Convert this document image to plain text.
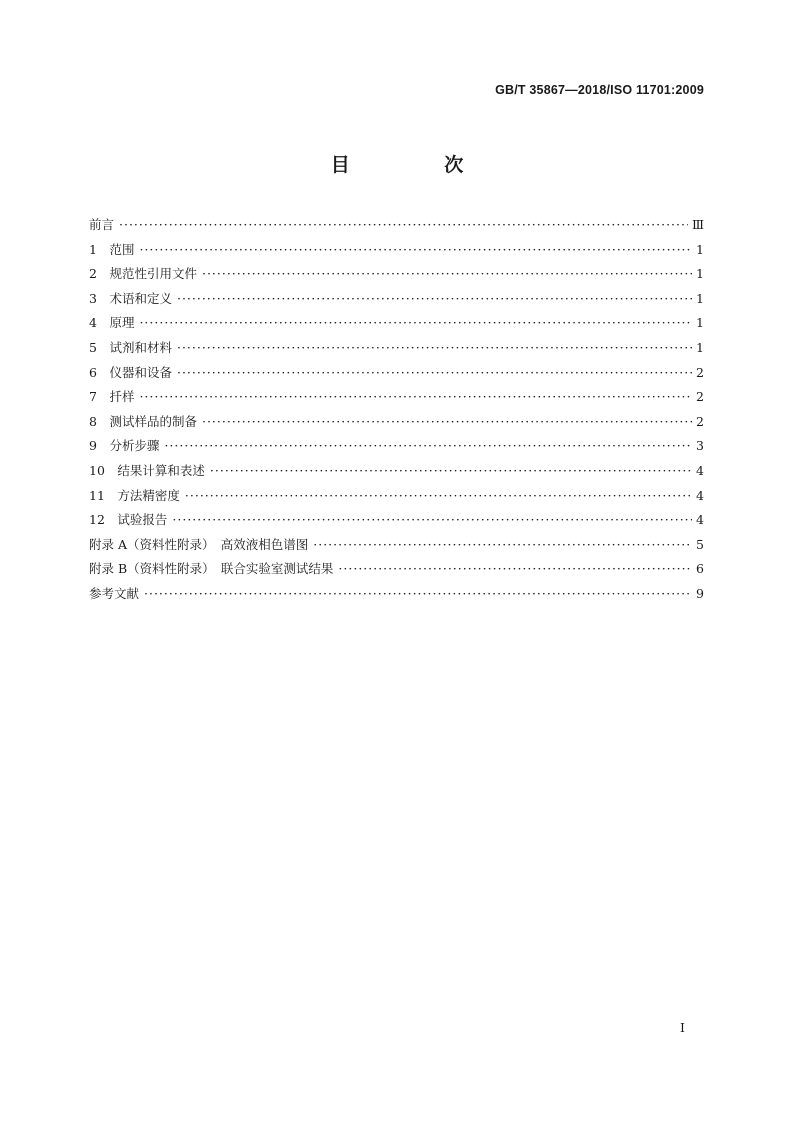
GB/T 35867—2018/ISO 11701:2009
目 次
前言 ·····	Ⅲ
1　范围 ·····	1
2　规范性引用文件 ·····	1
3　术语和定义 ·····	1
4　原理 ·····	1
5　试剂和材料 ·····	1
6　仪器和设备 ·····	2
7　扦样 ·····	2
8　测试样品的制备 ·····	2
9　分析步骤 ·····	3
10　结果计算和表述 ·····	4
11　方法精密度 ·····	4
12　试验报告 ·····	4
附录 A（资料性附录）　高效液相色谱图 ·····	5
附录 B（资料性附录）　联合实验室测试结果 ·····	6
参考文献 ·····	9
I
